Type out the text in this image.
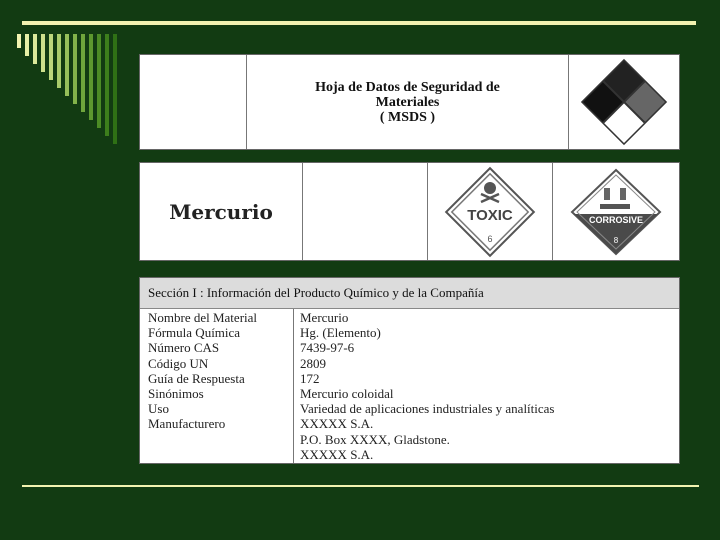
Hoja de Datos de Seguridad de
Materiales
( MSDS )
Mercurio	TOXIC
6
CORROSIVE
8
Sección I : Información del Producto Químico y de la Compañía
Nombre del Material
Fórmula Química
Número CAS
Código UN
Guía de Respuesta
Sinónimos
Uso
Manufacturero
Mercurio
Hg. (Elemento)
7439-97-6
2809
172
Mercurio coloidal
Variedad de aplicaciones industriales y analíticas
XXXXX S.A.
P.O. Box XXXX, Gladstone.
XXXXX S.A.
